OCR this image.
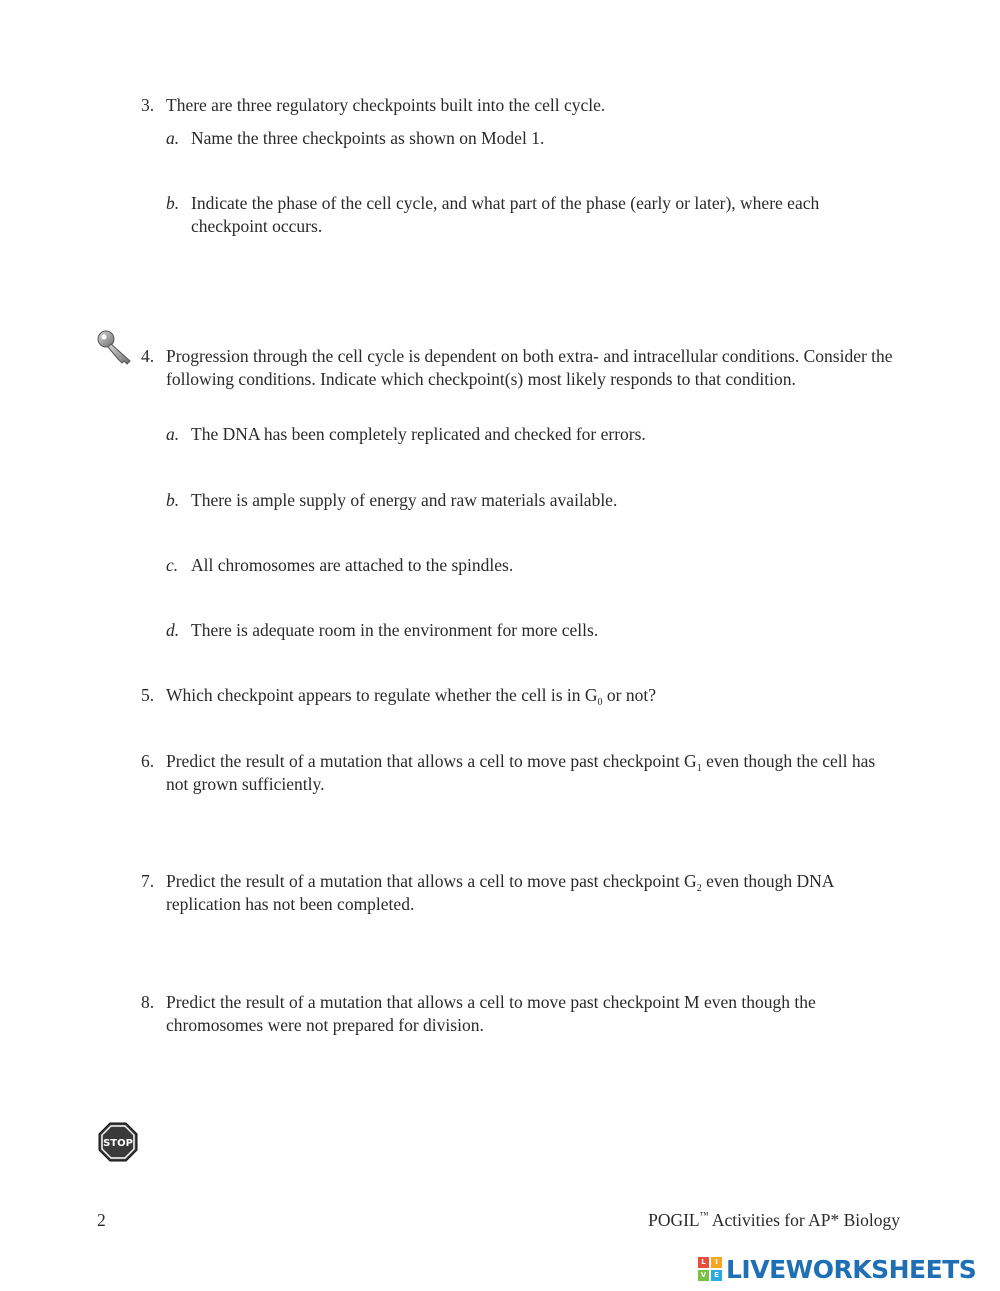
3. There are three regulatory checkpoints built into the cell cycle.
a. Name the three checkpoints as shown on Model 1.
b. Indicate the phase of the cell cycle, and what part of the phase (early or later), where each checkpoint occurs.
4. Progression through the cell cycle is dependent on both extra- and intracellular conditions. Consider the following conditions. Indicate which checkpoint(s) most likely responds to that condition.
a. The DNA has been completely replicated and checked for errors.
b. There is ample supply of energy and raw materials available.
c. All chromosomes are attached to the spindles.
d. There is adequate room in the environment for more cells.
5. Which checkpoint appears to regulate whether the cell is in $G_0$ or not?
6. Predict the result of a mutation that allows a cell to move past checkpoint $G_1$ even though the cell has not grown sufficiently.
7. Predict the result of a mutation that allows a cell to move past checkpoint $G_2$ even though DNA replication has not been completed.
8. Predict the result of a mutation that allows a cell to move past checkpoint M even though the chromosomes were not prepared for division.
STOP
2	POGIL™ Activities for AP* Biology
L	I
V	E LIVEWORKSHEETS
